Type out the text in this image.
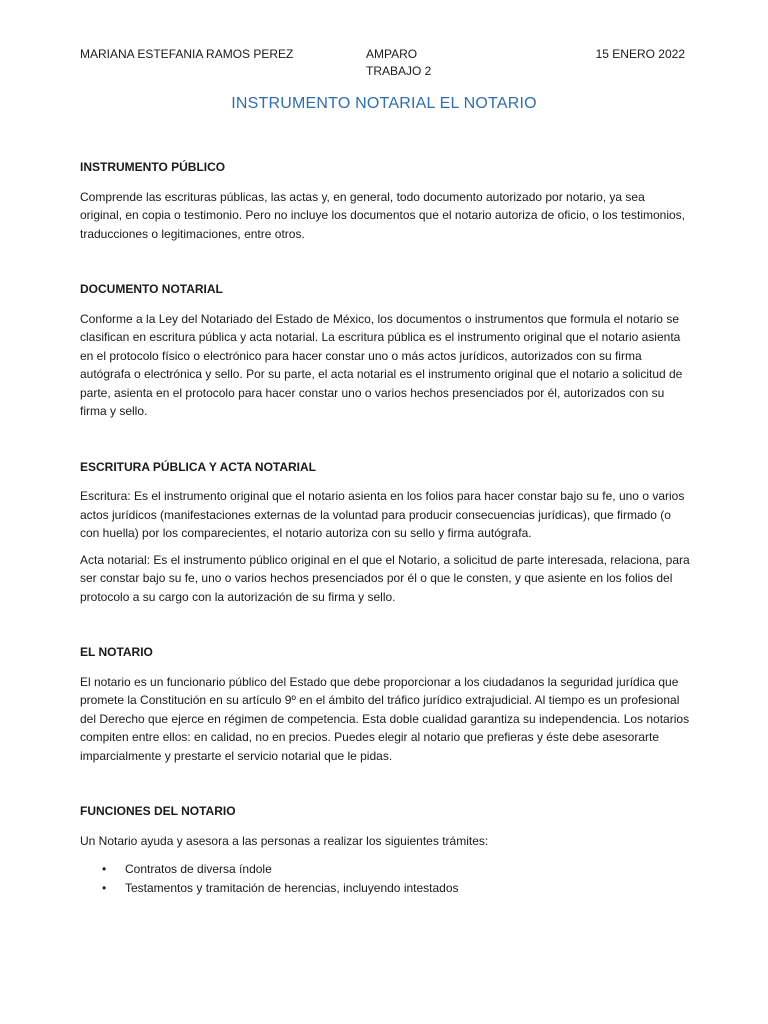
MARIANA ESTEFANIA RAMOS PEREZ	AMPARO
TRABAJO 2
15 ENERO 2022
INSTRUMENTO NOTARIAL EL NOTARIO
INSTRUMENTO PÚBLICO
Comprende las escrituras públicas, las actas y, en general, todo documento autorizado por notario, ya sea original, en copia o testimonio. Pero no incluye los documentos que el notario autoriza de oficio, o los testimonios, traducciones o legitimaciones, entre otros.
DOCUMENTO NOTARIAL
Conforme a la Ley del Notariado del Estado de México, los documentos o instrumentos que formula el notario se clasifican en escritura pública y acta notarial. La escritura pública es el instrumento original que el notario asienta en el protocolo físico o electrónico para hacer constar uno o más actos jurídicos, autorizados con su firma autógrafa o electrónica y sello. Por su parte, el acta notarial es el instrumento original que el notario a solicitud de parte, asienta en el protocolo para hacer constar uno o varios hechos presenciados por él, autorizados con su firma y sello.
ESCRITURA PÚBLICA Y ACTA NOTARIAL
Escritura: Es el instrumento original que el notario asienta en los folios para hacer constar bajo su fe, uno o varios actos jurídicos (manifestaciones externas de la voluntad para producir consecuencias jurídicas), que firmado (o con huella) por los comparecientes, el notario autoriza con su sello y firma autógrafa.
Acta notarial: Es el instrumento público original en el que el Notario, a solicitud de parte interesada, relaciona, para ser constar bajo su fe, uno o varios hechos presenciados por él o que le consten, y que asiente en los folios del protocolo a su cargo con la autorización de su firma y sello.
EL NOTARIO
El notario es un funcionario público del Estado que debe proporcionar a los ciudadanos la seguridad jurídica que promete la Constitución en su artículo 9º en el ámbito del tráfico jurídico extrajudicial. Al tiempo es un profesional del Derecho que ejerce en régimen de competencia. Esta doble cualidad garantiza su independencia. Los notarios compiten entre ellos: en calidad, no en precios. Puedes elegir al notario que prefieras y éste debe asesorarte imparcialmente y prestarte el servicio notarial que le pidas.
FUNCIONES DEL NOTARIO
Un Notario ayuda y asesora a las personas a realizar los siguientes trámites:
• Contratos de diversa índole
• Testamentos y tramitación de herencias, incluyendo intestados
